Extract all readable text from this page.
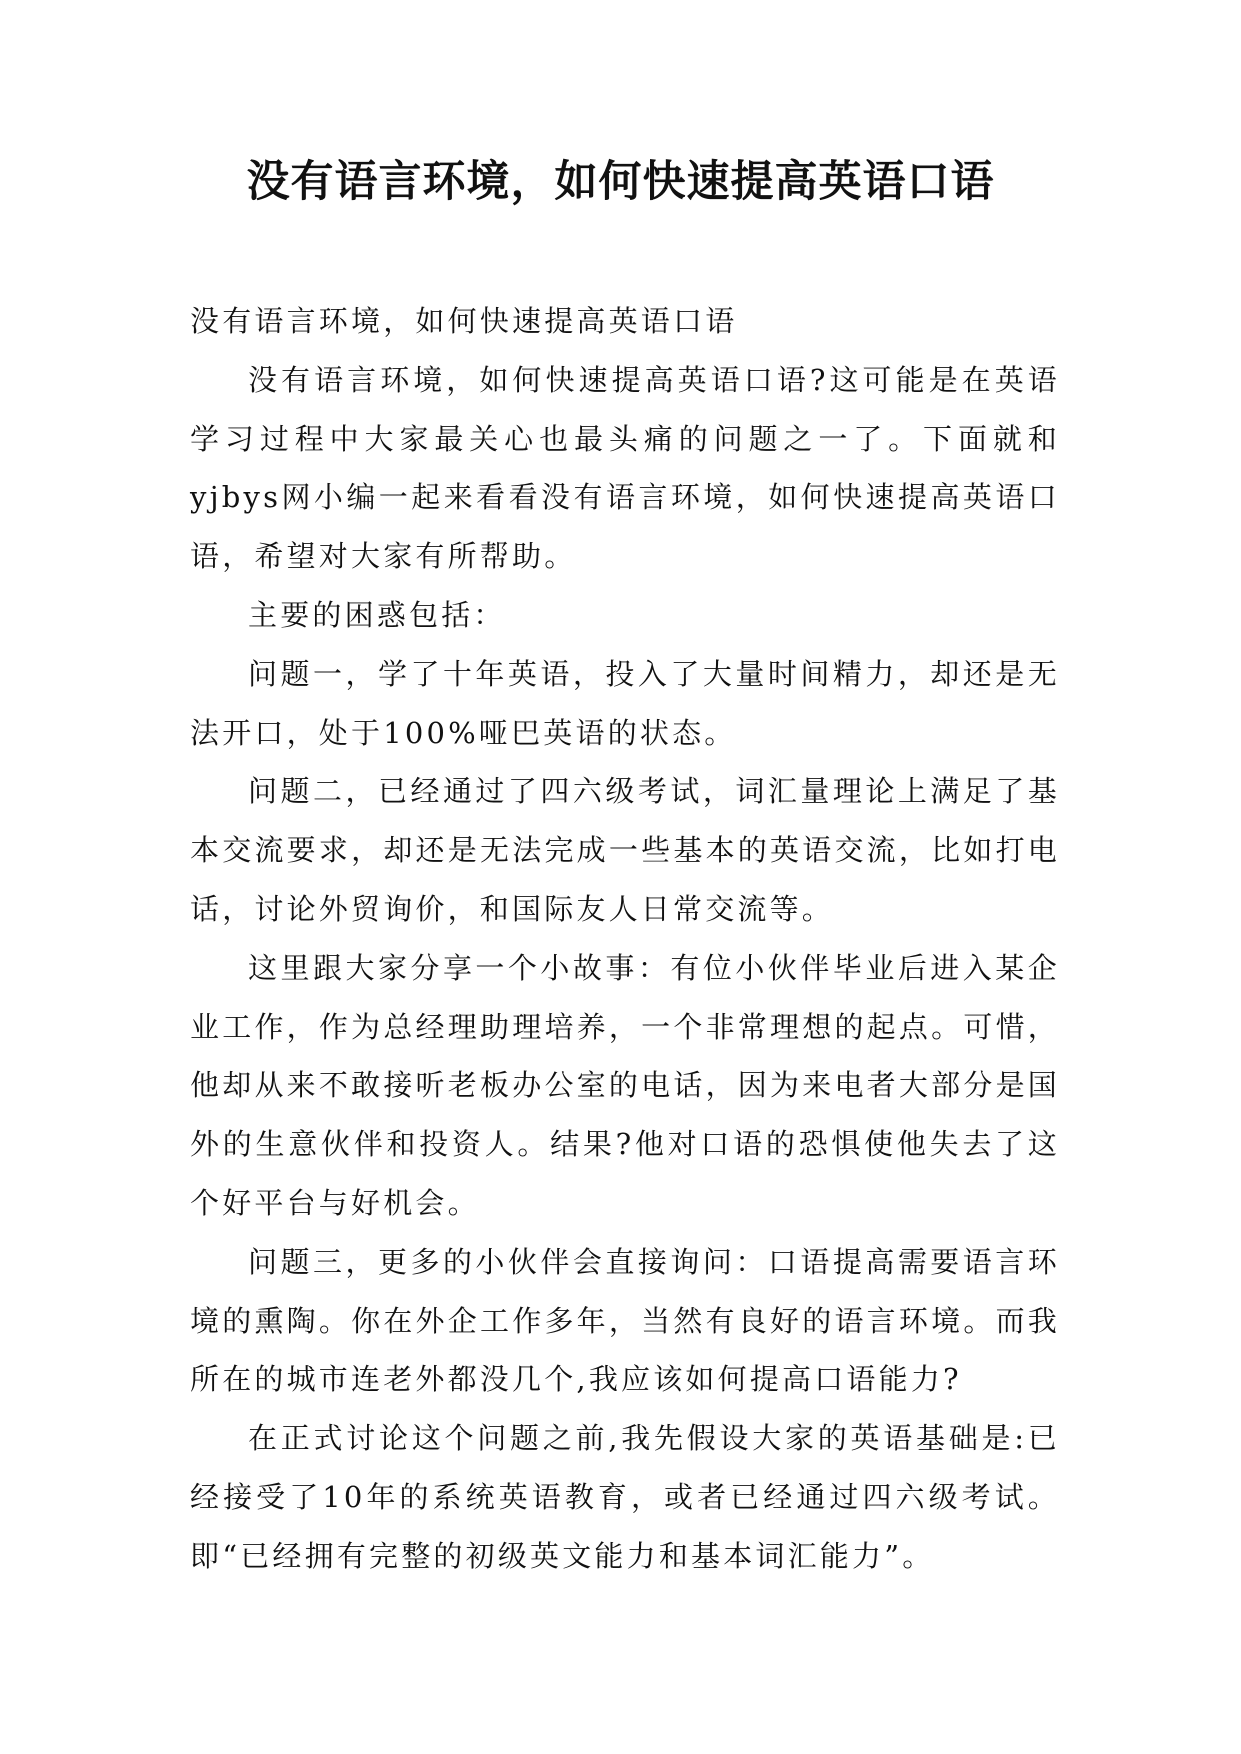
没有语言环境，如何快速提高英语口语

没有语言环境，如何快速提高英语口语

没有语言环境，如何快速提高英语口语?这可能是在英语学习过程中大家最关心也最头痛的问题之一了。下面就和yjbys网小编一起来看看没有语言环境，如何快速提高英语口语，希望对大家有所帮助。

主要的困惑包括：

问题一，学了十年英语，投入了大量时间精力，却还是无法开口，处于100%哑巴英语的状态。

问题二，已经通过了四六级考试，词汇量理论上满足了基本交流要求，却还是无法完成一些基本的英语交流，比如打电话，讨论外贸询价，和国际友人日常交流等。

这里跟大家分享一个小故事：有位小伙伴毕业后进入某企业工作，作为总经理助理培养，一个非常理想的起点。可惜，他却从来不敢接听老板办公室的电话，因为来电者大部分是国外的生意伙伴和投资人。结果?他对口语的恐惧使他失去了这个好平台与好机会。

问题三，更多的小伙伴会直接询问：口语提高需要语言环境的熏陶。你在外企工作多年，当然有良好的语言环境。而我所在的城市连老外都没几个,我应该如何提高口语能力?

在正式讨论这个问题之前,我先假设大家的英语基础是:已经接受了10年的系统英语教育，或者已经通过四六级考试。即“已经拥有完整的初级英文能力和基本词汇能力”。
